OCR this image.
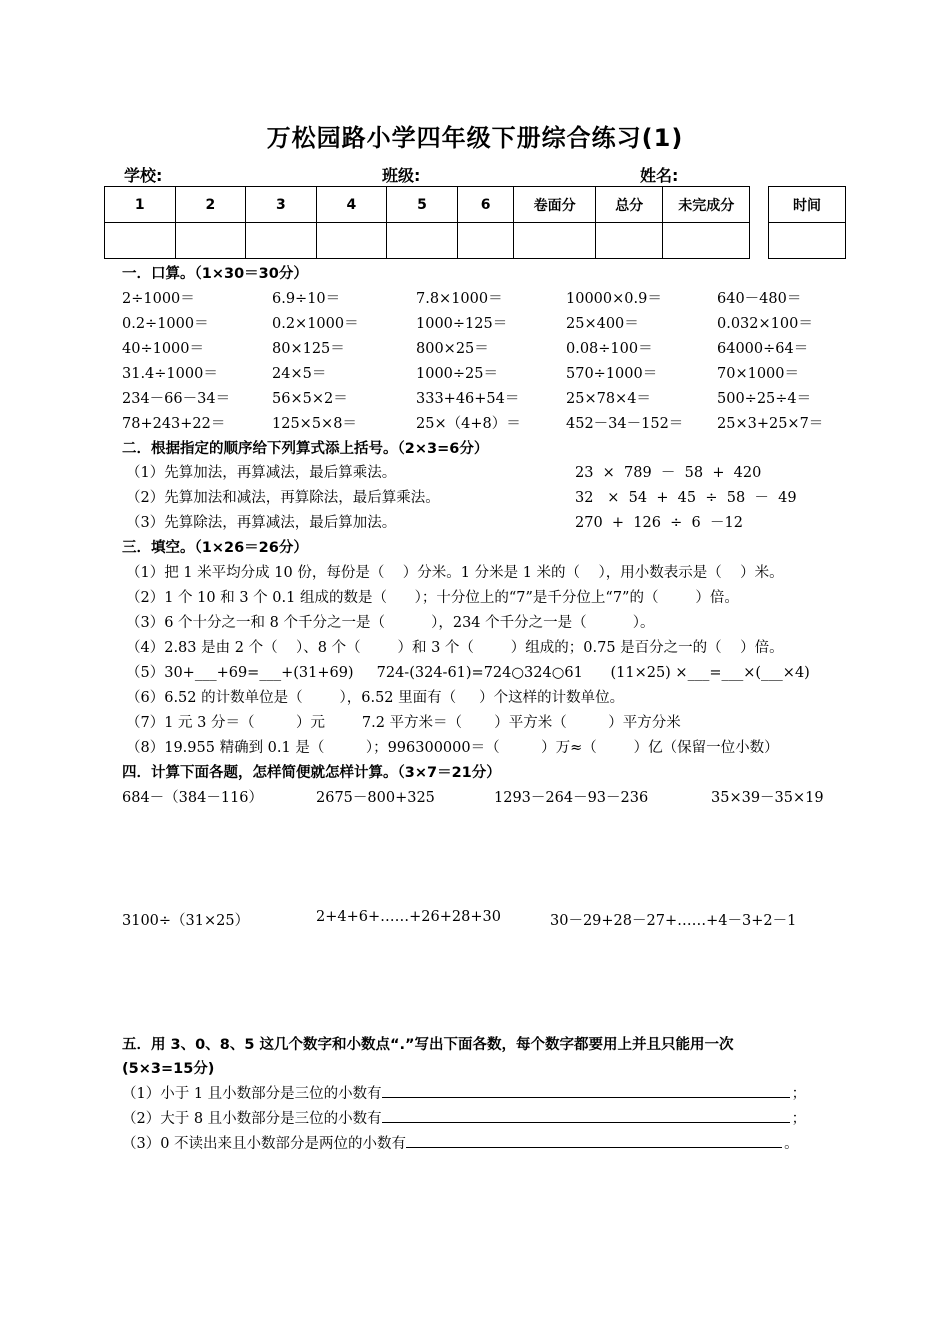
万松园路小学四年级下册综合练习(1)
学校:	班级:	姓名:
1	2	3	4	5	6	卷面分	总分	未完成分
									时间

一．口算。（1×30＝30分）
2÷1000＝	6.9÷10＝	7.8×1000＝	10000×0.9＝	640－480＝
0.2÷1000＝	0.2×1000＝	1000÷125＝	25×400＝	0.032×100＝
40÷1000＝	80×125＝	800×25＝	0.08÷100＝	64000÷64＝
31.4÷1000＝	24×5＝	1000÷25＝	570÷1000＝	70×1000＝
234－66－34＝	56×5×2＝	333+46+54＝	25×78×4＝	500÷25÷4＝
78+243+22＝	125×5×8＝	25×（4+8）＝	452－34－152＝ 25×3+25×7＝
二．根据指定的顺序给下列算式添上括号。（2×3=6分）
（1）先算加法，再算减法，最后算乘法。	23  ×  789  －  58  +  420
（2）先算加法和减法，再算除法，最后算乘法。	32   ×  54  +  45  ÷  58  －  49
（3）先算除法，再算减法，最后算加法。	270  +  126  ÷  6  －12
三．填空。（1×26＝26分）
（1）把 1 米平均分成 10 份，每份是（    ）分米。1 分米是 1 米的（    ），用小数表示是（    ）米。
（2）1 个 10 和 3 个 0.1 组成的数是（      ）；十分位上的“7”是千分位上“7”的（        ）倍。
（3）6 个十分之一和 8 个千分之一是（          ），234 个千分之一是（          ）。
（4）2.83 是由 2 个（    ）、8 个（        ）和 3 个（        ）组成的；0.75 是百分之一的（    ）倍。
（5）30+___+69=___+(31+69)     724-(324-61)=724○324○61      (11×25) ×___=___×(___×4)
（6）6.52 的计数单位是（        ），6.52 里面有（     ）个这样的计数单位。
（7）1 元 3 分＝（         ）元        7.2 平方米＝（       ）平方米（         ）平方分米
（8）19.955 精确到 0.1 是（         ）；996300000＝（         ）万≈（        ）亿（保留一位小数）
四．计算下面各题，怎样简便就怎样计算。（3×7＝21分）
684－（384－116）	2675－800+325	1293－264－93－236	35×39－35×19
3100÷（31×25）	2+4+6+……+26+28+30	30－29+28－27+……+4－3+2－1
五．用 3、0、8、5 这几个数字和小数点“.”写出下面各数，每个数字都要用上并且只能用一次
(5×3=15分)
（1）小于 1 且小数部分是三位的小数有	；
（2）大于 8 且小数部分是三位的小数有	；
（3）0 不读出来且小数部分是两位的小数有	。
